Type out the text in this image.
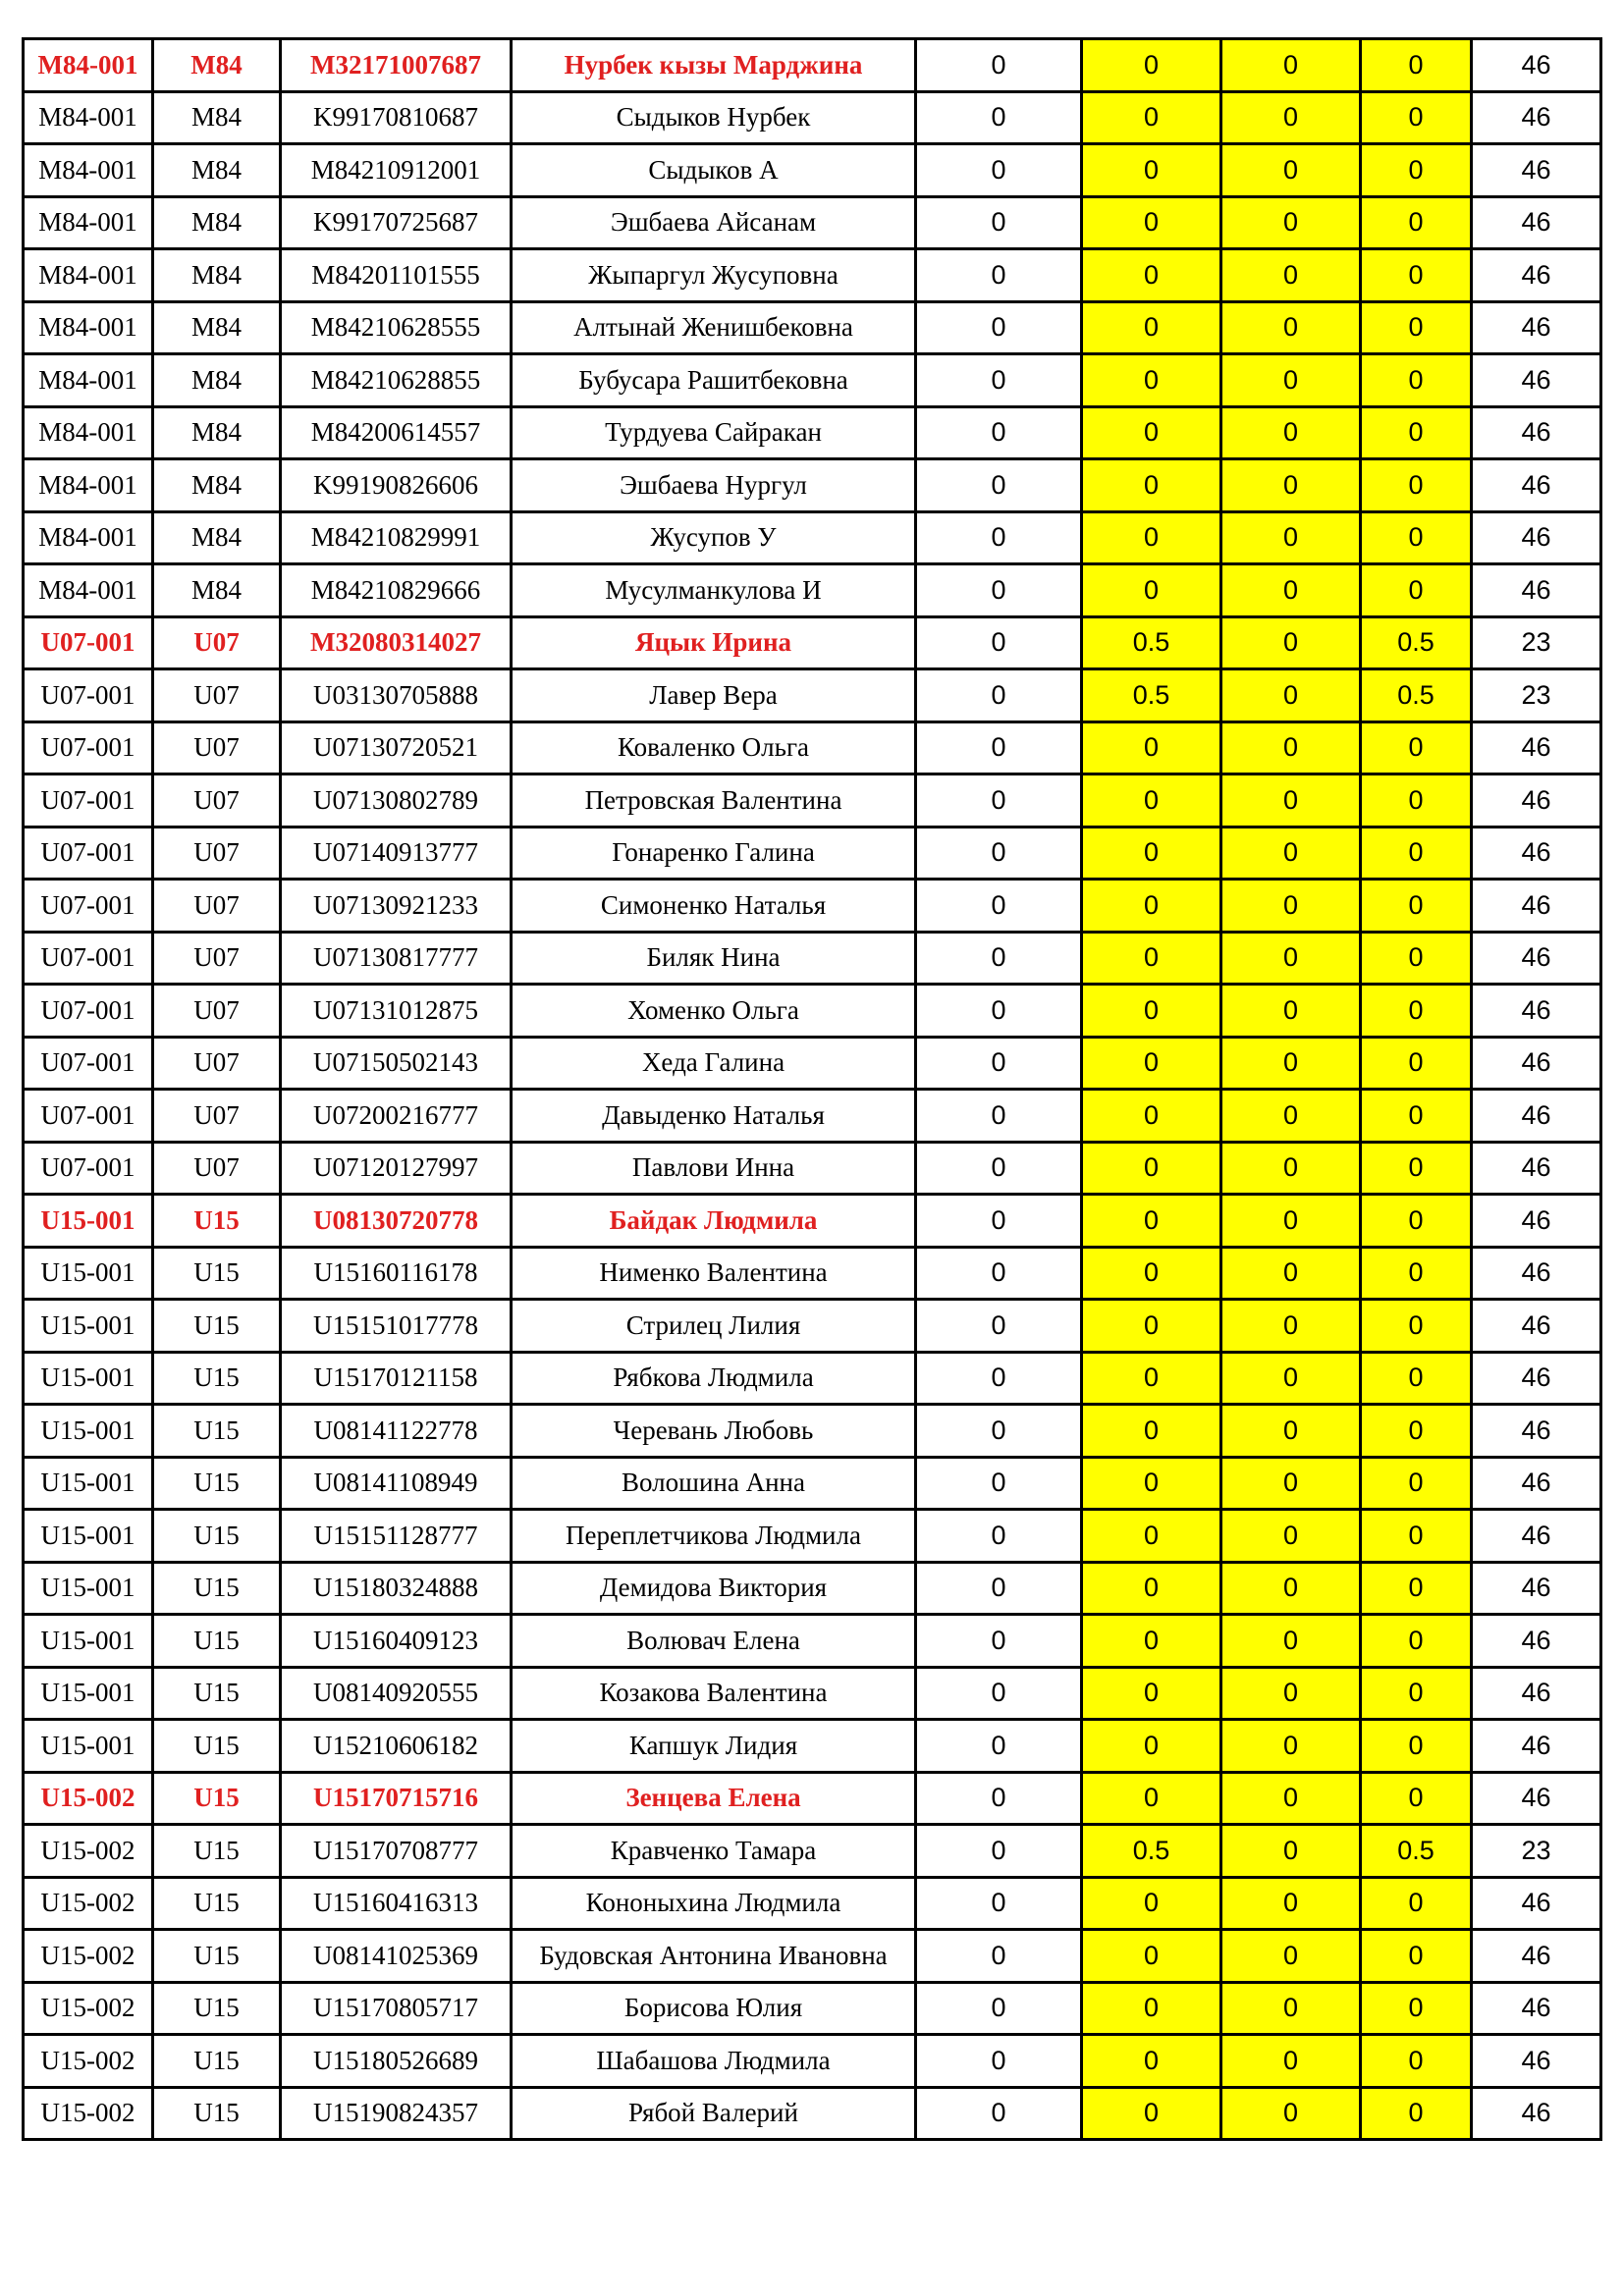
M84-001	M84	M32171007687	Нурбек кызы Марджина	0	0	0	0	46
M84-001	M84	K99170810687	Сыдыков Нурбек	0	0	0	0	46
M84-001	M84	M84210912001	Сыдыков А	0	0	0	0	46
M84-001	M84	K99170725687	Эшбаева Айсанам	0	0	0	0	46
M84-001	M84	M84201101555	Жыпаргул Жусуповна	0	0	0	0	46
M84-001	M84	M84210628555	Алтынай Женишбековна	0	0	0	0	46
M84-001	M84	M84210628855	Бубусара Рашитбековна	0	0	0	0	46
M84-001	M84	M84200614557	Турдуева Сайракан	0	0	0	0	46
M84-001	M84	K99190826606	Эшбаева Нургул	0	0	0	0	46
M84-001	M84	M84210829991	Жусупов У	0	0	0	0	46
M84-001	M84	M84210829666	Мусулманкулова И	0	0	0	0	46
U07-001	U07	M32080314027	Яцык Ирина	0	0.5	0	0.5	23
U07-001	U07	U03130705888	Лавер Вера	0	0.5	0	0.5	23
U07-001	U07	U07130720521	Коваленко Ольга	0	0	0	0	46
U07-001	U07	U07130802789	Петровская Валентина	0	0	0	0	46
U07-001	U07	U07140913777	Гонаренко Галина	0	0	0	0	46
U07-001	U07	U07130921233	Симоненко Наталья	0	0	0	0	46
U07-001	U07	U07130817777	Биляк Нина	0	0	0	0	46
U07-001	U07	U07131012875	Хоменко Ольга	0	0	0	0	46
U07-001	U07	U07150502143	Хеда Галина	0	0	0	0	46
U07-001	U07	U07200216777	Давыденко Наталья	0	0	0	0	46
U07-001	U07	U07120127997	Павлови Инна	0	0	0	0	46
U15-001	U15	U08130720778	Байдак Людмила	0	0	0	0	46
U15-001	U15	U15160116178	Нименко Валентина	0	0	0	0	46
U15-001	U15	U15151017778	Стрилец Лилия	0	0	0	0	46
U15-001	U15	U15170121158	Рябкова Людмила	0	0	0	0	46
U15-001	U15	U08141122778	Черевань Любовь	0	0	0	0	46
U15-001	U15	U08141108949	Волошина Анна	0	0	0	0	46
U15-001	U15	U15151128777	Переплетчикова Людмила	0	0	0	0	46
U15-001	U15	U15180324888	Демидова Виктория	0	0	0	0	46
U15-001	U15	U15160409123	Волювач Елена	0	0	0	0	46
U15-001	U15	U08140920555	Козакова Валентина	0	0	0	0	46
U15-001	U15	U15210606182	Капшук Лидия	0	0	0	0	46
U15-002	U15	U15170715716	Зенцева Елена	0	0	0	0	46
U15-002	U15	U15170708777	Кравченко Тамара	0	0.5	0	0.5	23
U15-002	U15	U15160416313	Кононыхина Людмила	0	0	0	0	46
U15-002	U15	U08141025369	Будовская Антонина Ивановна	0	0	0	0	46
U15-002	U15	U15170805717	Борисова Юлия	0	0	0	0	46
U15-002	U15	U15180526689	Шабашова Людмила	0	0	0	0	46
U15-002	U15	U15190824357	Рябой Валерий	0	0	0	0	46
